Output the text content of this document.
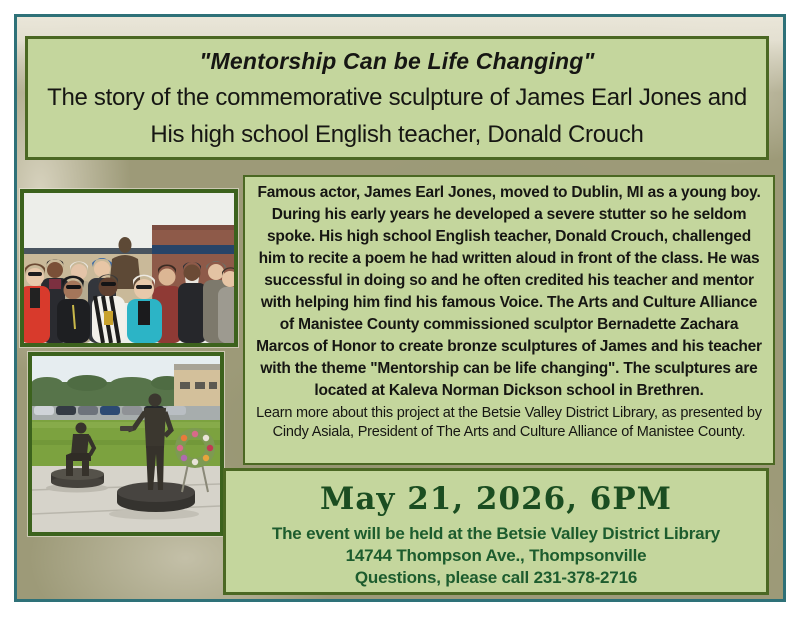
"Mentorship Can be Life Changing"
The story of the commemorative sculpture of James Earl Jones and
His high school English teacher, Donald Crouch

Famous actor, James Earl Jones, moved to Dublin, MI as a young boy. During his early years he developed a severe stutter so he seldom spoke. His high school English teacher, Donald Crouch, challenged him to recite a poem he had written aloud in front of the class. He was successful in doing so and he often credited his teacher and mentor with helping him find his famous Voice. The Arts and Culture Alliance of Manistee County commissioned sculptor Bernadette Zachara Marcos of Honor to create bronze sculptures of James and his teacher with the theme "Mentorship can be life changing". The sculptures are located at Kaleva Norman Dickson school in Brethren.

Learn more about this project at the Betsie Valley District Library, as presented by Cindy Asiala, President of The Arts and Culture Alliance of Manistee County.

May 21, 2026, 6PM
The event will be held at the Betsie Valley District Library
14744 Thompson Ave., Thompsonville
Questions, please call 231-378-2716
